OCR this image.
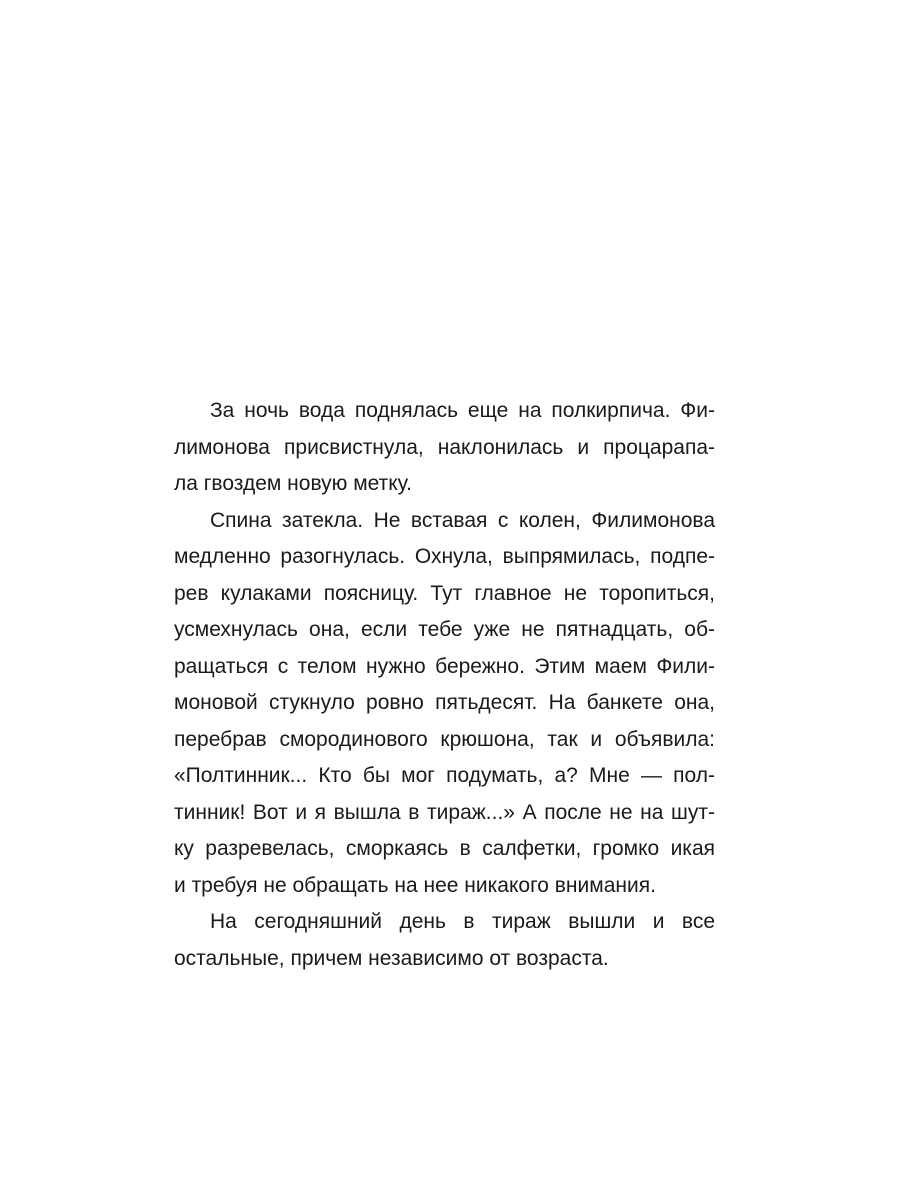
За ночь вода поднялась еще на полкирпича. Фи-
лимонова присвистнула, наклонилась и процарапа-
ла гвоздем новую метку.
Спина затекла. Не вставая с колен, Филимонова
медленно разогнулась. Охнула, выпрямилась, подпе-
рев кулаками поясницу. Тут главное не торопиться,
усмехнулась она, если тебе уже не пятнадцать, об-
ращаться с телом нужно бережно. Этим маем Фили-
моновой стукнуло ровно пятьдесят. На банкете она,
перебрав смородинового крюшона, так и объявила:
«Полтинник... Кто бы мог подумать, а? Мне — пол-
тинник! Вот и я вышла в тираж...» А после не на шут-
ку разревелась, сморкаясь в салфетки, громко икая
и требуя не обращать на нее никакого внимания.
На сегодняшний день в тираж вышли и все
остальные, причем независимо от возраста.
